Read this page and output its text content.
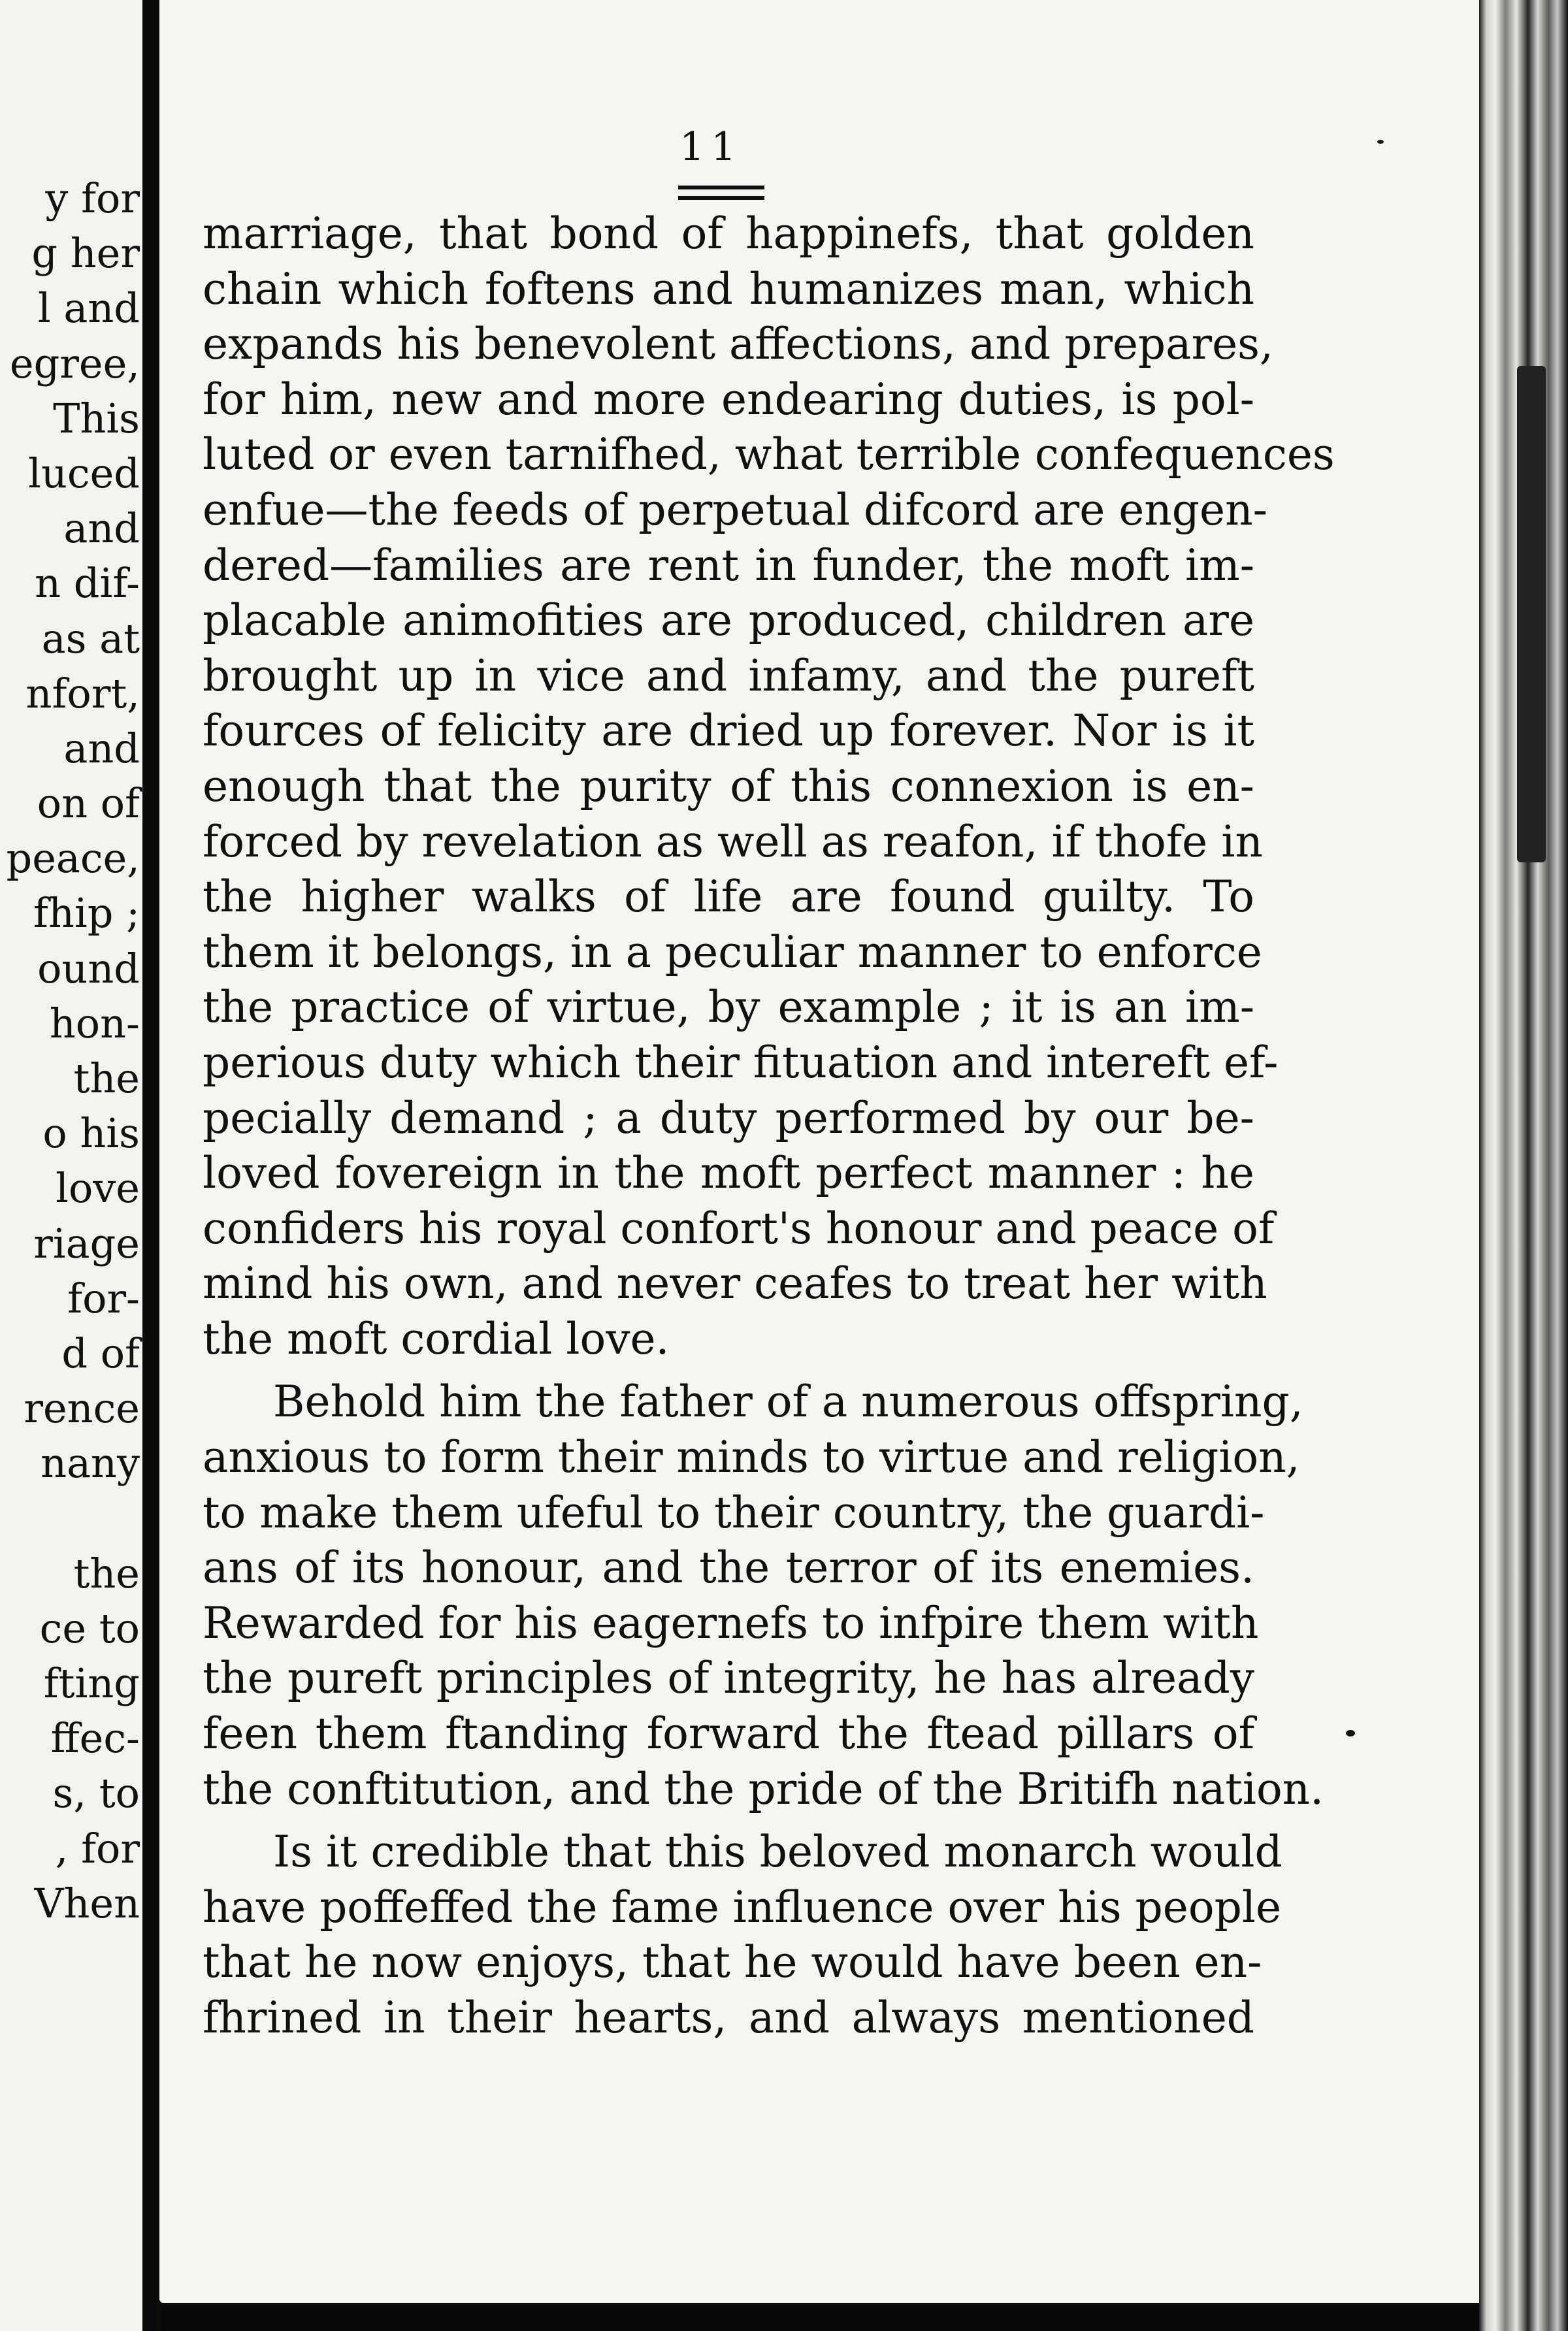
y for
g her
l and
egree,
This
luced
and
n dif-
as at
nfort,
and
on of
peace,
fhip ;
ound
hon-
the
o his
love
riage
for-
d of
rence
nany
the
ce to
fting
ffec-
s, to
, for
Vhen
11
marriage, that bond of happinefs, that golden
chain which foftens and humanizes man, which
expands his benevolent affections, and prepares,
for him, new and more endearing duties, is pol-
luted or even tarnifhed, what terrible confequences
enfue—the feeds of perpetual difcord are engen-
dered—families are rent in funder, the moft im-
placable animofities are produced, children are
brought up in vice and infamy, and the pureft
fources of felicity are dried up forever. Nor is it
enough that the purity of this connexion is en-
forced by revelation as well as reafon, if thofe in
the higher walks of life are found guilty. To
them it belongs, in a peculiar manner to enforce
the practice of virtue, by example ; it is an im-
perious duty which their fituation and intereft ef-
pecially demand ; a duty performed by our be-
loved fovereign in the moft perfect manner : he
confiders his royal confort's honour and peace of
mind his own, and never ceafes to treat her with
the moft cordial love.
Behold him the father of a numerous offspring,
anxious to form their minds to virtue and religion,
to make them ufeful to their country, the guardi-
ans of its honour, and the terror of its enemies.
Rewarded for his eagernefs to infpire them with
the pureft principles of integrity, he has already
feen them ftanding forward the ftead pillars of
the conftitution, and the pride of the Britifh nation.
Is it credible that this beloved monarch would
have poffeffed the fame influence over his people
that he now enjoys, that he would have been en-
fhrined in their hearts, and always mentioned
